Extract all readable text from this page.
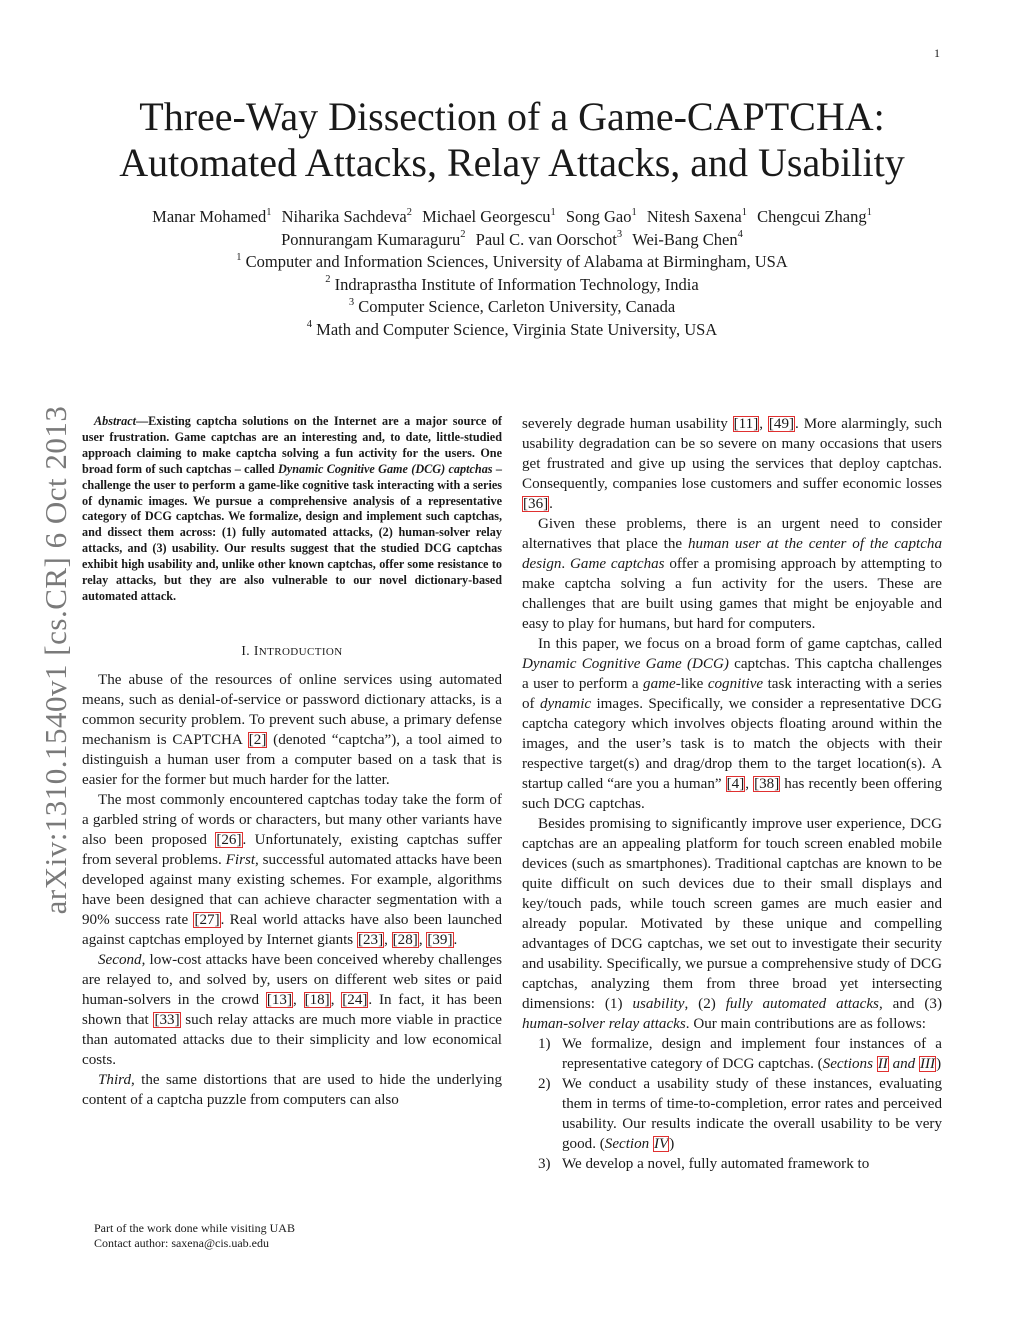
1
arXiv:1310.1540v1 [cs.CR] 6 Oct 2013
Three-Way Dissection of a Game-CAPTCHA:
Automated Attacks, Relay Attacks, and Usability
Manar Mohamed$^1$ Niharika Sachdeva$^2$ Michael Georgescu$^1$ Song Gao$^1$ Nitesh Saxena$^1$ Chengcui Zhang$^1$
Ponnurangam Kumaraguru$^2$ Paul C. van Oorschot$^3$ Wei-Bang Chen$^4$
$^1$ Computer and Information Sciences, University of Alabama at Birmingham, USA
$^2$ Indraprastha Institute of Information Technology, India
$^3$ Computer Science, Carleton University, Canada
$^4$ Math and Computer Science, Virginia State University, USA

Abstract—Existing captcha solutions on the Internet are a major source of user frustration. Game captchas are an interesting and, to date, little-studied approach claiming to make captcha solving a fun activity for the users. One broad form of such captchas – called Dynamic Cognitive Game (DCG) captchas – challenge the user to perform a game-like cognitive task interacting with a series of dynamic images. We pursue a comprehensive analysis of a representative category of DCG captchas. We formalize, design and implement such captchas, and dissect them across: (1) fully automated attacks, (2) human-solver relay attacks, and (3) usability. Our results suggest that the studied DCG captchas exhibit high usability and, unlike other known captchas, offer some resistance to relay attacks, but they are also vulnerable to our novel dictionary-based automated attack.

I. INTRODUCTION

The abuse of the resources of online services using automated means, such as denial-of-service or password dictionary attacks, is a common security problem. To prevent such abuse, a primary defense mechanism is CAPTCHA [2] (denoted “captcha”), a tool aimed to distinguish a human user from a computer based on a task that is easier for the former but much harder for the latter.

The most commonly encountered captchas today take the form of a garbled string of words or characters, but many other variants have also been proposed [26]. Unfortunately, existing captchas suffer from several problems. First, successful automated attacks have been developed against many existing schemes. For example, algorithms have been designed that can achieve character segmentation with a 90% success rate [27]. Real world attacks have also been launched against captchas employed by Internet giants [23], [28], [39].

Second, low-cost attacks have been conceived whereby challenges are relayed to, and solved by, users on different web sites or paid human-solvers in the crowd [13], [18], [24]. In fact, it has been shown that [33] such relay attacks are much more viable in practice than automated attacks due to their simplicity and low economical costs.

Third, the same distortions that are used to hide the underlying content of a captcha puzzle from computers can also

severely degrade human usability [11], [49]. More alarmingly, such usability degradation can be so severe on many occasions that users get frustrated and give up using the services that deploy captchas. Consequently, companies lose customers and suffer economic losses [36].

Given these problems, there is an urgent need to consider alternatives that place the human user at the center of the captcha design. Game captchas offer a promising approach by attempting to make captcha solving a fun activity for the users. These are challenges that are built using games that might be enjoyable and easy to play for humans, but hard for computers.

In this paper, we focus on a broad form of game captchas, called Dynamic Cognitive Game (DCG) captchas. This captcha challenges a user to perform a game-like cognitive task interacting with a series of dynamic images. Specifically, we consider a representative DCG captcha category which involves objects floating around within the images, and the user’s task is to match the objects with their respective target(s) and drag/drop them to the target location(s). A startup called “are you a human” [4], [38] has recently been offering such DCG captchas.

Besides promising to significantly improve user experience, DCG captchas are an appealing platform for touch screen enabled mobile devices (such as smartphones). Traditional captchas are known to be quite difficult on such devices due to their small displays and key/touch pads, while touch screen games are much easier and already popular. Motivated by these unique and compelling advantages of DCG captchas, we set out to investigate their security and usability. Specifically, we pursue a comprehensive study of DCG captchas, analyzing them from three broad yet intersecting dimensions: (1) usability, (2) fully automated attacks, and (3) human-solver relay attacks. Our main contributions are as follows:

1) We formalize, design and implement four instances of a representative category of DCG captchas. (Sections II and III)
2) We conduct a usability study of these instances, evaluating them in terms of time-to-completion, error rates and perceived usability. Our results indicate the overall usability to be very good. (Section IV)
3) We develop a novel, fully automated framework to
Part of the work done while visiting UAB
Contact author: saxena@cis.uab.edu
